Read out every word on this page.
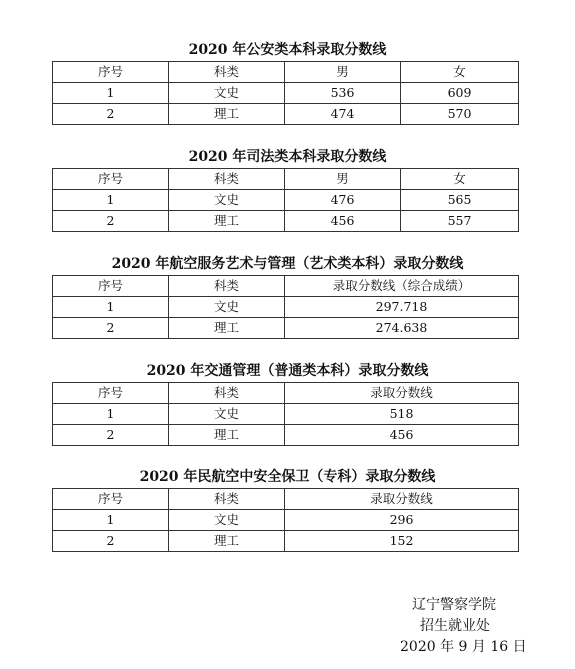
2020 年公安类本科录取分数线
序号	科类	男	女
1	文史	536	609
2	理工	474	570
2020 年司法类本科录取分数线
序号	科类	男	女
1	文史	476	565
2	理工	456	557
2020 年航空服务艺术与管理（艺术类本科）录取分数线
序号	科类	录取分数线（综合成绩）
1	文史	297.718
2	理工	274.638
2020 年交通管理（普通类本科）录取分数线
序号	科类	录取分数线
1	文史	518
2	理工	456
2020 年民航空中安全保卫（专科）录取分数线
序号	科类	录取分数线
1	文史	296
2	理工	152
辽宁警察学院
招生就业处
2020 年 9 月 16 日
